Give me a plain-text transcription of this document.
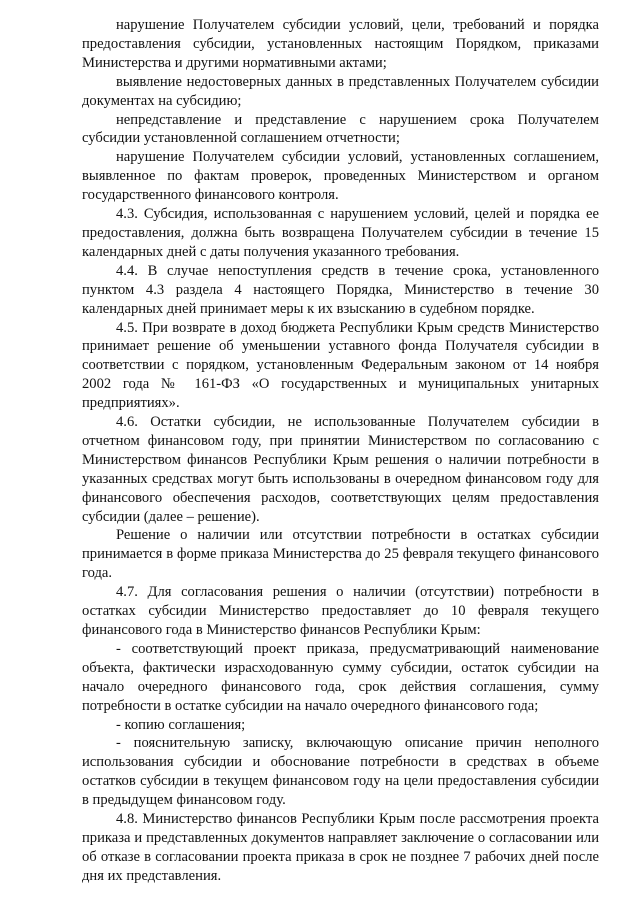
нарушение Получателем субсидии условий, цели, требований и порядка предоставления субсидии, установленных настоящим Порядком, приказами Министерства и другими нормативными актами;

выявление недостоверных данных в представленных Получателем субсидии документах на субсидию;

непредставление и представление с нарушением срока Получателем субсидии установленной соглашением отчетности;

нарушение Получателем субсидии условий, установленных соглашением, выявленное по фактам проверок, проведенных Министерством и органом государственного финансового контроля.

4.3. Субсидия, использованная с нарушением условий, целей и порядка ее предоставления, должна быть возвращена Получателем субсидии в течение 15 календарных дней с даты получения указанного требования.

4.4. В случае непоступления средств в течение срока, установленного пунктом 4.3 раздела 4 настоящего Порядка, Министерство в течение 30 календарных дней принимает меры к их взысканию в судебном порядке.

4.5. При возврате в доход бюджета Республики Крым средств Министерство принимает решение об уменьшении уставного фонда Получателя субсидии в соответствии с порядком, установленным Федеральным законом от 14 ноября 2002 года № 161-ФЗ «О государственных и муниципальных унитарных предприятиях».

4.6. Остатки субсидии, не использованные Получателем субсидии в отчетном финансовом году, при принятии Министерством по согласованию с Министерством финансов Республики Крым решения о наличии потребности в указанных средствах могут быть использованы в очередном финансовом году для финансового обеспечения расходов, соответствующих целям предоставления субсидии (далее – решение).

Решение о наличии или отсутствии потребности в остатках субсидии принимается в форме приказа Министерства до 25 февраля текущего финансового года.

4.7. Для согласования решения о наличии (отсутствии) потребности в остатках субсидии Министерство предоставляет до 10 февраля текущего финансового года в Министерство финансов Республики Крым:

- соответствующий проект приказа, предусматривающий наименование объекта, фактически израсходованную сумму субсидии, остаток субсидии на начало очередного финансового года, срок действия соглашения, сумму потребности в остатке субсидии на начало очередного финансового года;

- копию соглашения;

- пояснительную записку, включающую описание причин неполного использования субсидии и обоснование потребности в средствах в объеме остатков субсидии в текущем финансовом году на цели предоставления субсидии в предыдущем финансовом году.

4.8. Министерство финансов Республики Крым после рассмотрения проекта приказа и представленных документов направляет заключение о согласовании или об отказе в согласовании проекта приказа в срок не позднее 7 рабочих дней после дня их представления.
